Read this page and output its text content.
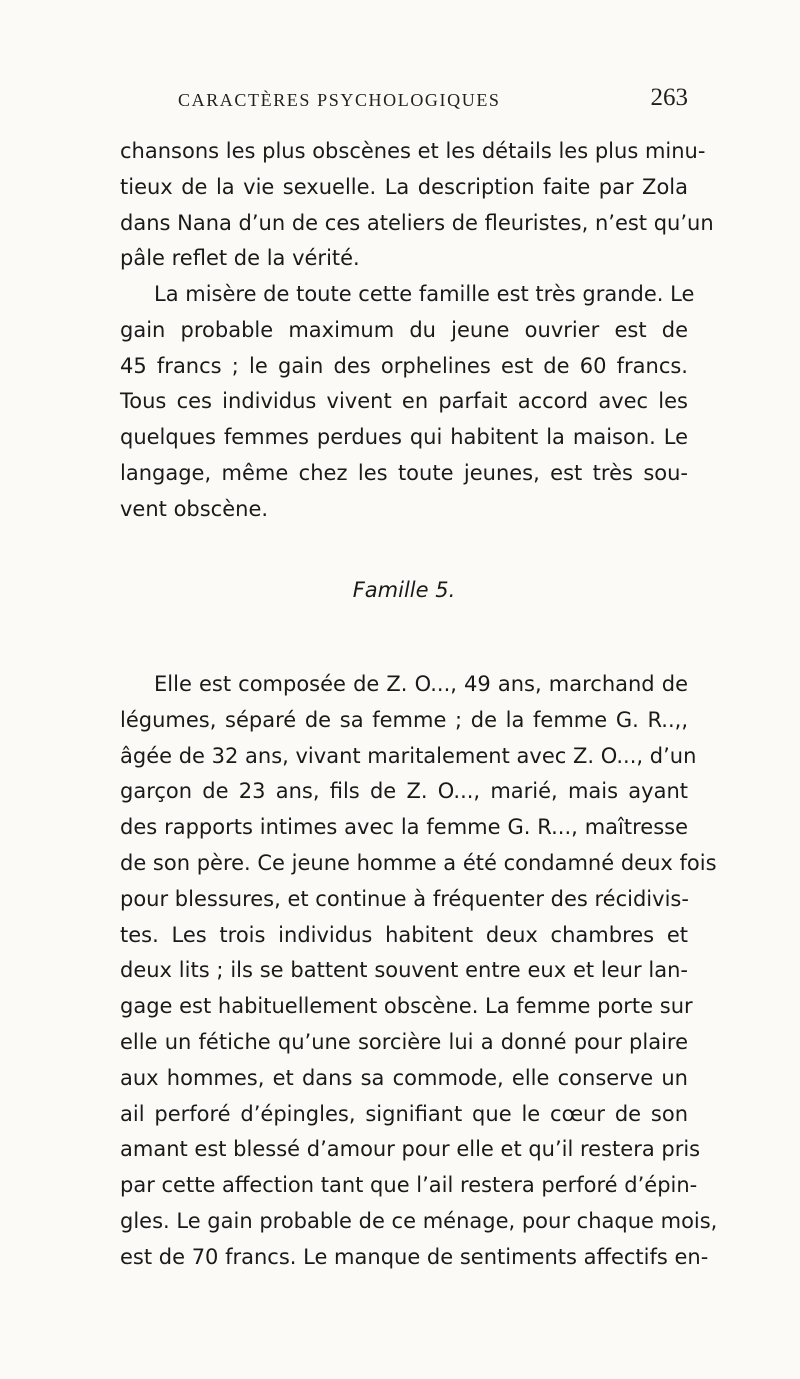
CARACTÈRES PSYCHOLOGIQUES	263
chansons les plus obscènes et les détails les plus minu-
tieux de la vie sexuelle. La description faite par Zola
dans Nana d’un de ces ateliers de fleuristes, n’est qu’un
pâle reflet de la vérité.
La misère de toute cette famille est très grande. Le
gain probable maximum du jeune ouvrier est de
45 francs ; le gain des orphelines est de 60 francs.
Tous ces individus vivent en parfait accord avec les
quelques femmes perdues qui habitent la maison. Le
langage, même chez les toute jeunes, est très sou-
vent obscène.
Famille 5.
Elle est composée de Z. O..., 49 ans, marchand de
légumes, séparé de sa femme ; de la femme G. R..,,
âgée de 32 ans, vivant maritalement avec Z. O..., d’un
garçon de 23 ans, fils de Z. O..., marié, mais ayant
des rapports intimes avec la femme G. R..., maîtresse
de son père. Ce jeune homme a été condamné deux fois
pour blessures, et continue à fréquenter des récidivis-
tes. Les trois individus habitent deux chambres et
deux lits ; ils se battent souvent entre eux et leur lan-
gage est habituellement obscène. La femme porte sur
elle un fétiche qu’une sorcière lui a donné pour plaire
aux hommes, et dans sa commode, elle conserve un
ail perforé d’épingles, signifiant que le cœur de son
amant est blessé d’amour pour elle et qu’il restera pris
par cette affection tant que l’ail restera perforé d’épin-
gles. Le gain probable de ce ménage, pour chaque mois,
est de 70 francs. Le manque de sentiments affectifs en-
